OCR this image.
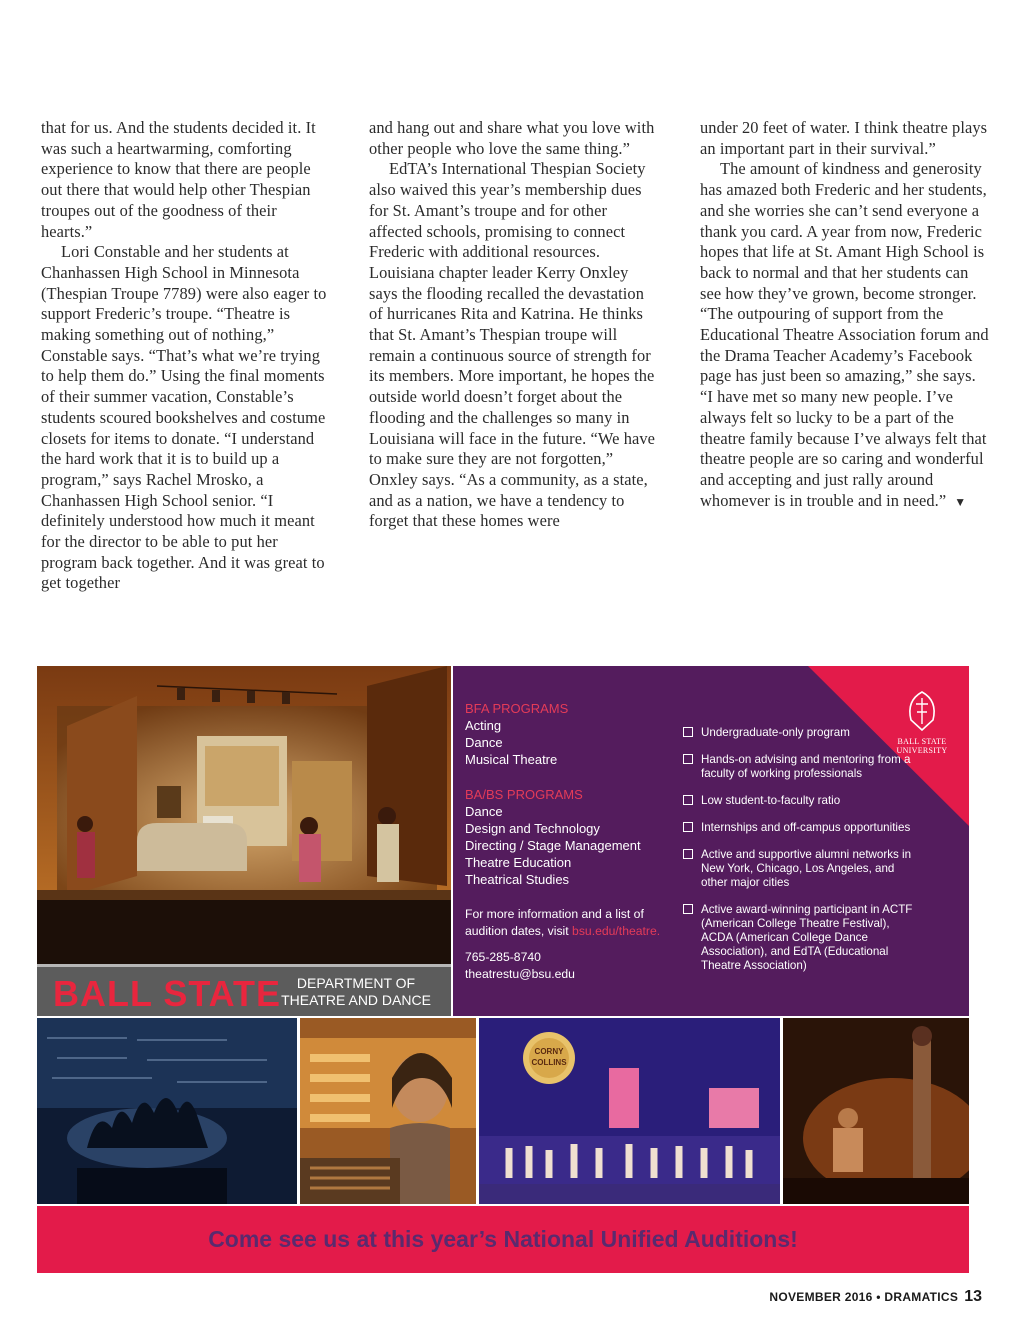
that for us. And the students decided it. It was such a heartwarming, comforting experience to know that there are people out there that would help other Thespian troupes out of the goodness of their hearts.”

Lori Constable and her students at Chanhassen High School in Minnesota (Thespian Troupe 7789) were also eager to support Frederic’s troupe. “Theatre is making something out of nothing,” Constable says. “That’s what we’re trying to help them do.” Using the final moments of their summer vacation, Constable’s students scoured bookshelves and costume closets for items to donate. “I understand the hard work that it is to build up a program,” says Rachel Mrosko, a Chanhassen High School senior. “I definitely understood how much it meant for the director to be able to put her program back together. And it was great to get together

and hang out and share what you love with other people who love the same thing.”

EdTA’s International Thespian Society also waived this year’s membership dues for St. Amant’s troupe and for other affected schools, promising to connect Frederic with additional resources. Louisiana chapter leader Kerry Onxley says the flooding recalled the devastation of hurricanes Rita and Katrina. He thinks that St. Amant’s Thespian troupe will remain a continuous source of strength for its members. More important, he hopes the outside world doesn’t forget about the flooding and the challenges so many in Louisiana will face in the future. “We have to make sure they are not forgotten,” Onxley says. “As a community, as a state, and as a nation, we have a tendency to forget that these homes were

under 20 feet of water. I think theatre plays an important part in their survival.”

The amount of kindness and generosity has amazed both Frederic and her students, and she worries she can’t send everyone a thank you card. A year from now, Frederic hopes that life at St. Amant High School is back to normal and that her students can see how they’ve grown, become stronger. “The outpouring of support from the Educational Theatre Association forum and the Drama Teacher Academy’s Facebook page has just been so amazing,” she says. “I have met so many new people. I’ve always felt so lucky to be a part of the theatre family because I’ve always felt that theatre people are so caring and wonderful and accepting and just rally around whomever is in trouble and in need.” ▼

BALL STATE	DEPARTMENT OF THEATRE AND DANCE
BALL STATE
UNIVERSITY
BFA PROGRAMS
Acting
Dance
Musical Theatre
BA/BS PROGRAMS
Dance
Design and Technology
Directing / Stage Management
Theatre Education
Theatrical Studies
For more information and a list of audition dates, visit bsu.edu/theatre.
765-285-8740
theatrestu@bsu.edu
Undergraduate-only program
Hands-on advising and mentoring from a faculty of working professionals
Low student-to-faculty ratio
Internships and off-campus opportunities
Active and supportive alumni networks in New York, Chicago, Los Angeles, and other major cities
Active award-winning participant in ACTF (American College Theatre Festival), ACDA (American College Dance Association), and EdTA (Educational Theatre Association)
CORNY
COLLINS
Come see us at this year’s National Unified Auditions!
NOVEMBER 2016 • DRAMATICS 13
